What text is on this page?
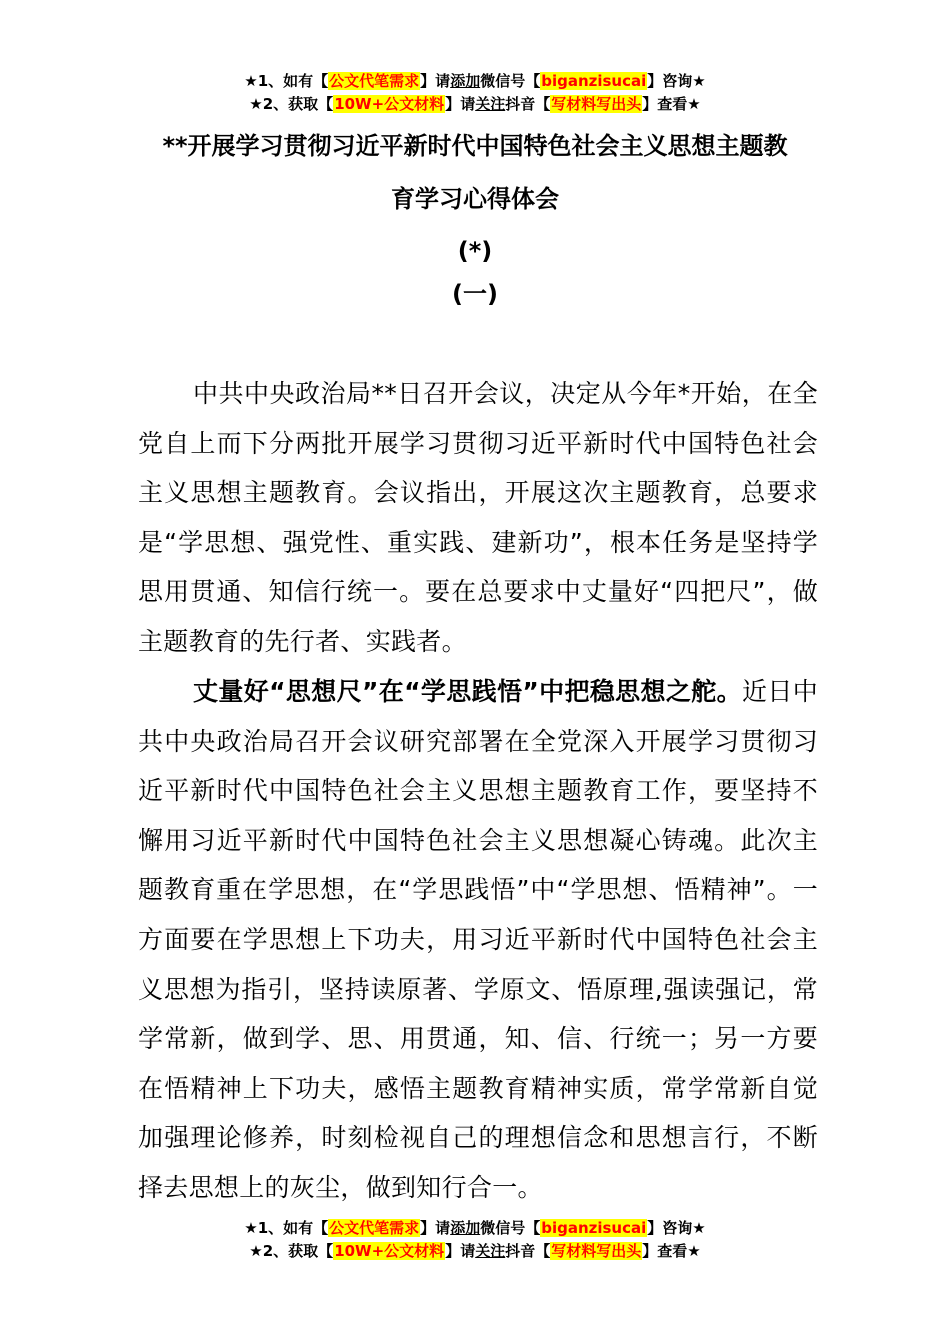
★1、如有【公文代笔需求】请添加微信号【biganzisucai】咨询★
★2、获取【10W+公文材料】请关注抖音【写材料写出头】查看★
**开展学习贯彻习近平新时代中国特色社会主义思想主题教
育学习心得体会
(*)
(一)

中共中央政治局**日召开会议，决定从今年*开始，在全党自上而下分两批开展学习贯彻习近平新时代中国特色社会主义思想主题教育。会议指出，开展这次主题教育，总要求是“学思想、强党性、重实践、建新功”，根本任务是坚持学思用贯通、知信行统一。要在总要求中丈量好“四把尺”，做主题教育的先行者、实践者。

丈量好“思想尺”在“学思践悟”中把稳思想之舵。近日中共中央政治局召开会议研究部署在全党深入开展学习贯彻习近平新时代中国特色社会主义思想主题教育工作，要坚持不懈用习近平新时代中国特色社会主义思想凝心铸魂。此次主题教育重在学思想，在“学思践悟”中“学思想、悟精神”。一方面要在学思想上下功夫，用习近平新时代中国特色社会主义思想为指引，坚持读原著、学原文、悟原理,强读强记，常学常新，做到学、思、用贯通，知、信、行统一；另一方要在悟精神上下功夫，感悟主题教育精神实质，常学常新自觉加强理论修养，时刻检视自己的理想信念和思想言行，不断择去思想上的灰尘，做到知行合一。

★1、如有【公文代笔需求】请添加微信号【biganzisucai】咨询★
★2、获取【10W+公文材料】请关注抖音【写材料写出头】查看★
